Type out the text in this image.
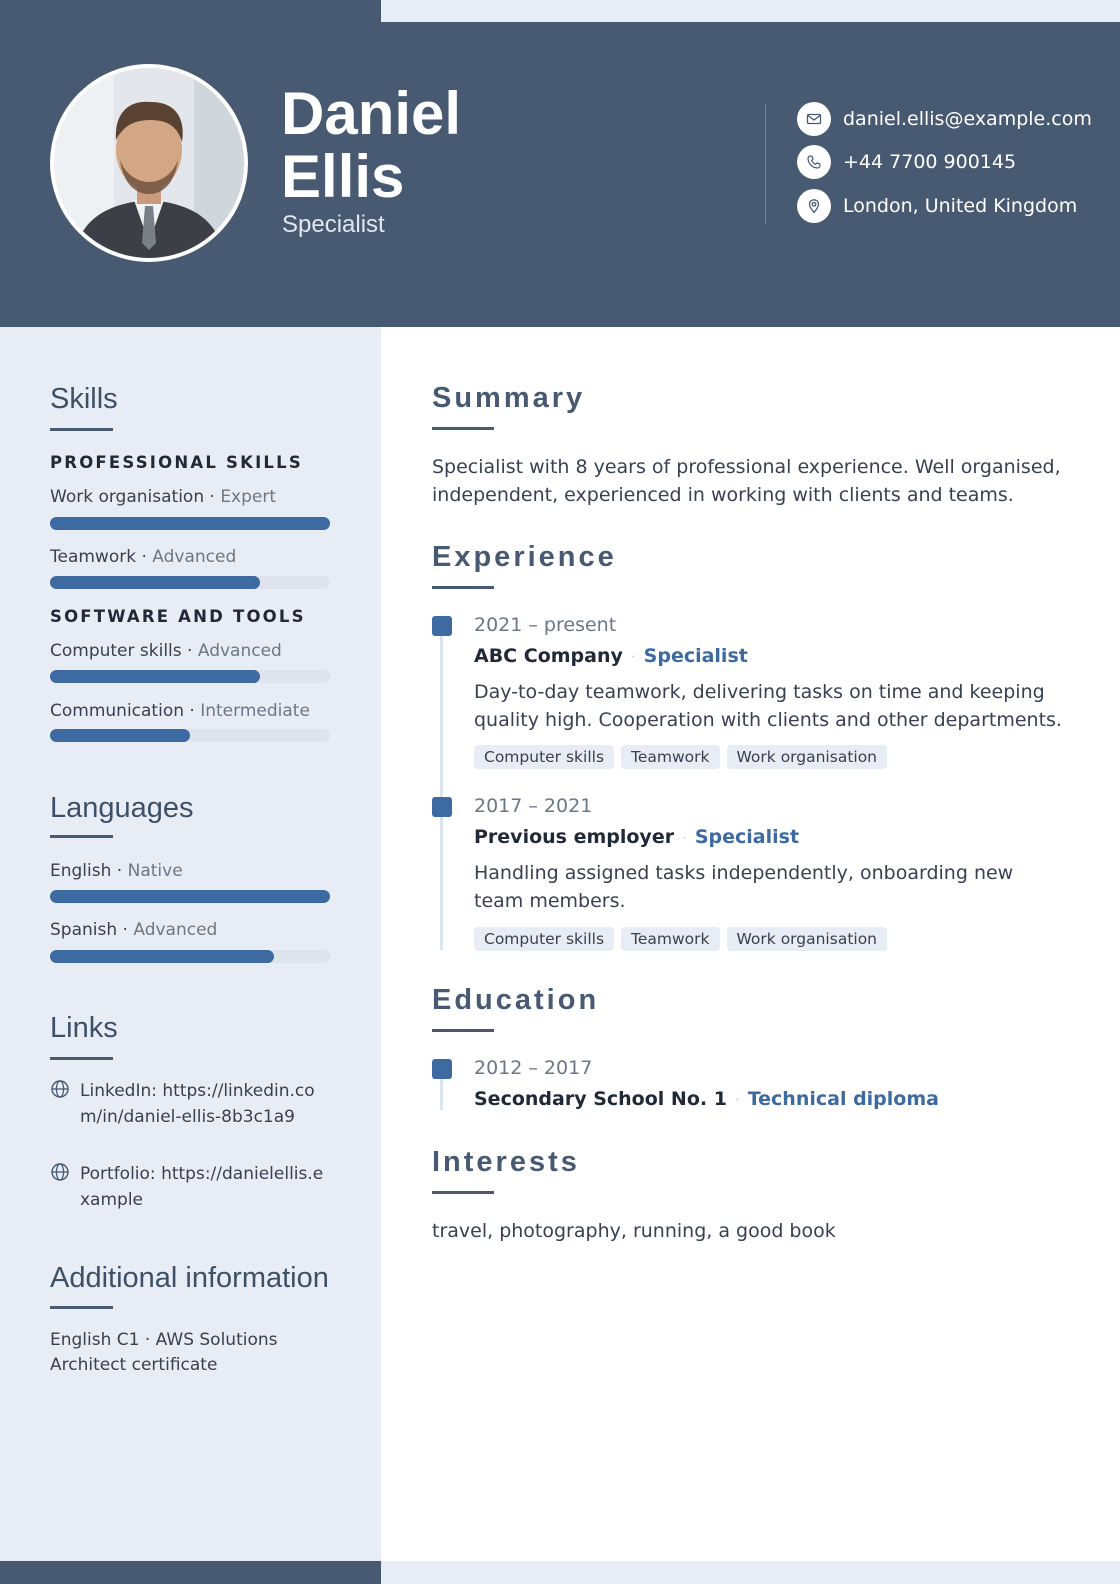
Daniel
Ellis
Specialist
daniel.ellis@example.com
+44 7700 900145
London, United Kingdom
Skills
PROFESSIONAL SKILLS
Work organisation · Expert
Teamwork · Advanced
SOFTWARE AND TOOLS
Computer skills · Advanced
Communication · Intermediate
Languages
English · Native
Spanish · Advanced
Links
LinkedIn: https://linkedin.com/in/daniel-ellis-8b3c1a9
Portfolio: https://danielellis.example
Additional information
English C1 · AWS Solutions Architect certificate
Summary
Specialist with 8 years of professional experience. Well organised, independent, experienced in working with clients and teams.
Experience
2021 – present
ABC Company · Specialist
Day-to-day teamwork, delivering tasks on time and keeping quality high. Cooperation with clients and other departments.
Computer skills	Teamwork	Work organisation
2017 – 2021
Previous employer · Specialist
Handling assigned tasks independently, onboarding new team members.
Computer skills	Teamwork	Work organisation
Education
2012 – 2017
Secondary School No. 1 · Technical diploma
Interests
travel, photography, running, a good book
